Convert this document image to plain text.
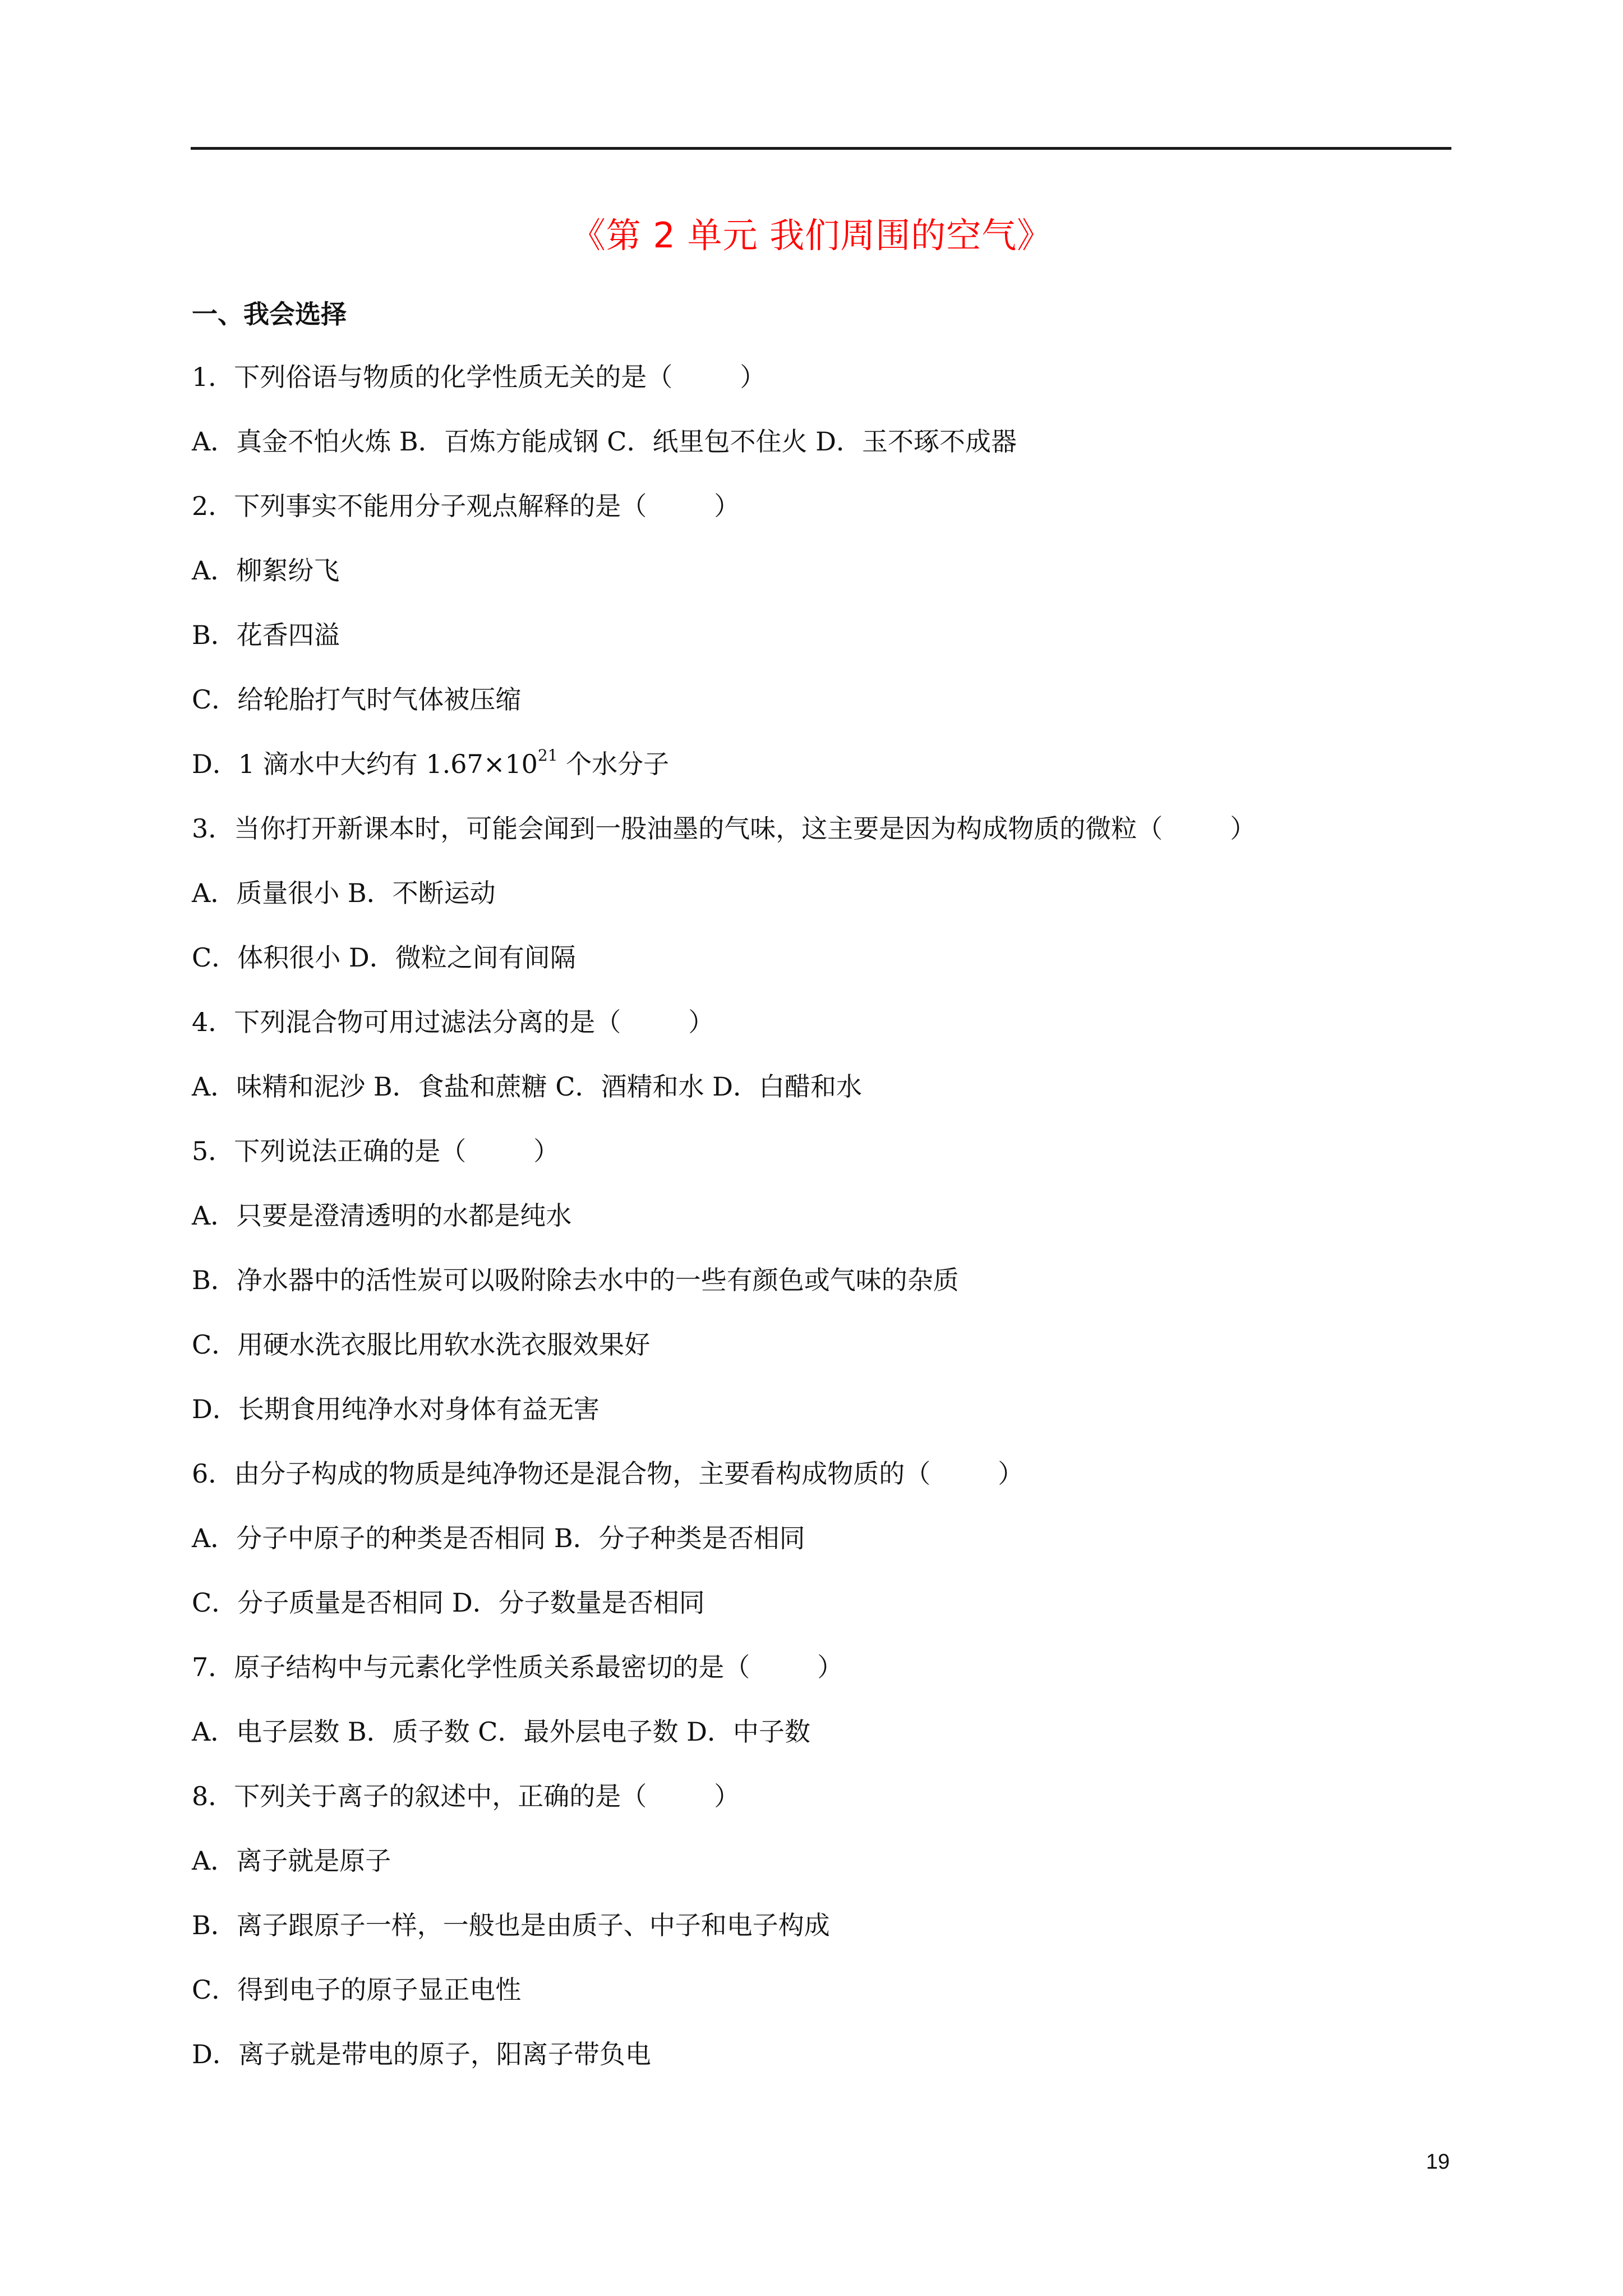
《第 2 单元 我们周围的空气》
一、我会选择
1．下列俗语与物质的化学性质无关的是（	）
A．真金不怕火炼 B．百炼方能成钢 C．纸里包不住火 D．玉不琢不成器
2．下列事实不能用分子观点解释的是（	）
A．柳絮纷飞
B．花香四溢
C．给轮胎打气时气体被压缩
D．1 滴水中大约有 $1.67\times 10^{21}$ 个水分子
3．当你打开新课本时，可能会闻到一股油墨的气味，这主要是因为构成物质的微粒（	）
A．质量很小 B．不断运动
C．体积很小 D．微粒之间有间隔
4．下列混合物可用过滤法分离的是（	）
A．味精和泥沙 B．食盐和蔗糖 C．酒精和水 D．白醋和水
5．下列说法正确的是（	）
A．只要是澄清透明的水都是纯水
B．净水器中的活性炭可以吸附除去水中的一些有颜色或气味的杂质
C．用硬水洗衣服比用软水洗衣服效果好
D．长期食用纯净水对身体有益无害
6．由分子构成的物质是纯净物还是混合物，主要看构成物质的（	）
A．分子中原子的种类是否相同 B．分子种类是否相同
C．分子质量是否相同 D．分子数量是否相同
7．原子结构中与元素化学性质关系最密切的是（	）
A．电子层数 B．质子数 C．最外层电子数 D．中子数
8．下列关于离子的叙述中，正确的是（	）
A．离子就是原子
B．离子跟原子一样，一般也是由质子、中子和电子构成
C．得到电子的原子显正电性
D．离子就是带电的原子，阳离子带负电
19
